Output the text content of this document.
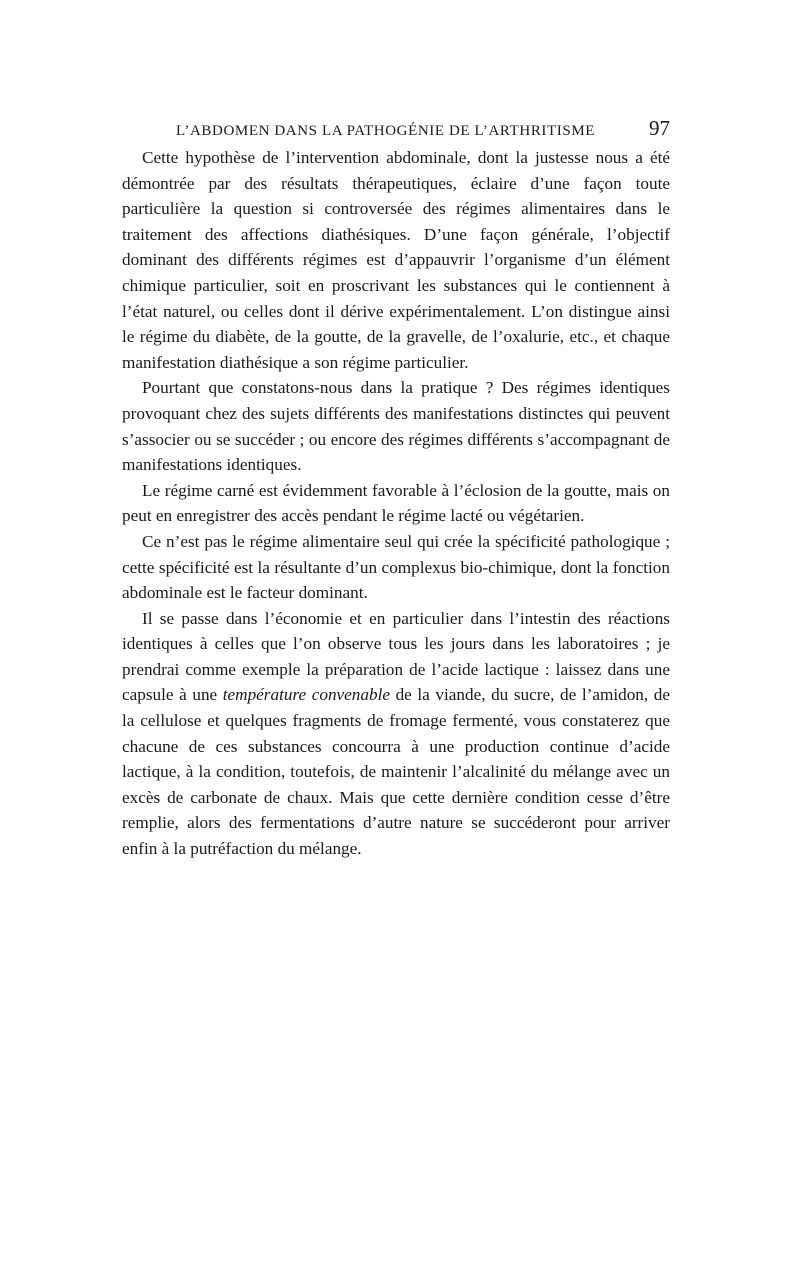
L’ABDOMEN DANS LA PATHOGÉNIE DE L’ARTHRITISME	97

Cette hypothèse de l’intervention abdominale, dont la justesse nous a été démontrée par des résultats thérapeutiques, éclaire d’une façon toute particulière la question si controversée des régimes alimentaires dans le traitement des affections diathésiques. D’une façon générale, l’objectif dominant des différents régimes est d’appauvrir l’organisme d’un élément chimique particulier, soit en proscrivant les substances qui le contiennent à l’état naturel, ou celles dont il dérive expérimentalement. L’on distingue ainsi le régime du diabète, de la goutte, de la gravelle, de l’oxalurie, etc., et chaque manifestation diathésique a son régime particulier.

Pourtant que constatons-nous dans la pratique ? Des régimes identiques provoquant chez des sujets différents des manifestations distinctes qui peuvent s’associer ou se succéder ; ou encore des régimes différents s’accompagnant de manifestations identiques.

Le régime carné est évidemment favorable à l’éclosion de la goutte, mais on peut en enregistrer des accès pendant le régime lacté ou végétarien.

Ce n’est pas le régime alimentaire seul qui crée la spécificité pathologique ; cette spécificité est la résultante d’un complexus bio-chimique, dont la fonction abdominale est le facteur dominant.

Il se passe dans l’économie et en particulier dans l’intestin des réactions identiques à celles que l’on observe tous les jours dans les laboratoires ; je prendrai comme exemple la préparation de l’acide lactique : laissez dans une capsule à une température convenable de la viande, du sucre, de l’amidon, de la cellulose et quelques fragments de fromage fermenté, vous constaterez que chacune de ces substances concourra à une production continue d’acide lactique, à la condition, toutefois, de maintenir l’alcalinité du mélange avec un excès de carbonate de chaux. Mais que cette dernière condition cesse d’être remplie, alors des fermentations d’autre nature se succéderont pour arriver enfin à la putréfaction du mélange.
